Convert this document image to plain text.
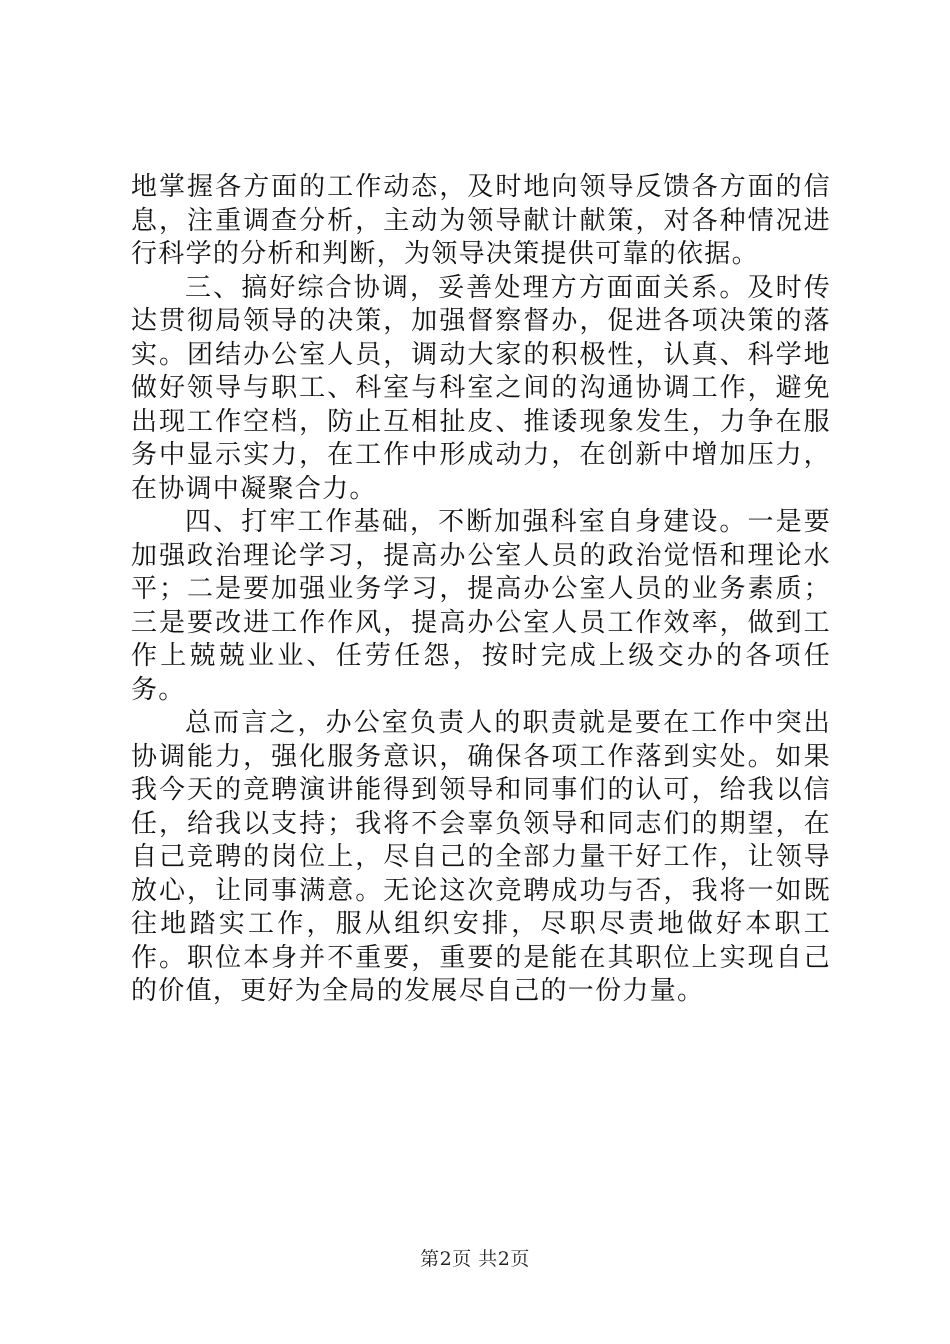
地掌握各方面的工作动态，及时地向领导反馈各方面的信息，注重调查分析，主动为领导献计献策，对各种情况进行科学的分析和判断，为领导决策提供可靠的依据。

三、搞好综合协调，妥善处理方方面面关系。及时传达贯彻局领导的决策，加强督察督办，促进各项决策的落实。团结办公室人员，调动大家的积极性，认真、科学地做好领导与职工、科室与科室之间的沟通协调工作，避免出现工作空档，防止互相扯皮、推诿现象发生，力争在服务中显示实力，在工作中形成动力，在创新中增加压力，在协调中凝聚合力。

四、打牢工作基础，不断加强科室自身建设。一是要加强政治理论学习，提高办公室人员的政治觉悟和理论水平；二是要加强业务学习，提高办公室人员的业务素质；三是要改进工作作风，提高办公室人员工作效率，做到工作上兢兢业业、任劳任怨，按时完成上级交办的各项任务。

总而言之，办公室负责人的职责就是要在工作中突出协调能力，强化服务意识，确保各项工作落到实处。如果我今天的竞聘演讲能得到领导和同事们的认可，给我以信任，给我以支持；我将不会辜负领导和同志们的期望，在自己竞聘的岗位上，尽自己的全部力量干好工作，让领导放心，让同事满意。无论这次竞聘成功与否，我将一如既往地踏实工作，服从组织安排，尽职尽责地做好本职工作。职位本身并不重要，重要的是能在其职位上实现自己的价值，更好为全局的发展尽自己的一份力量。

第2页 共2页
